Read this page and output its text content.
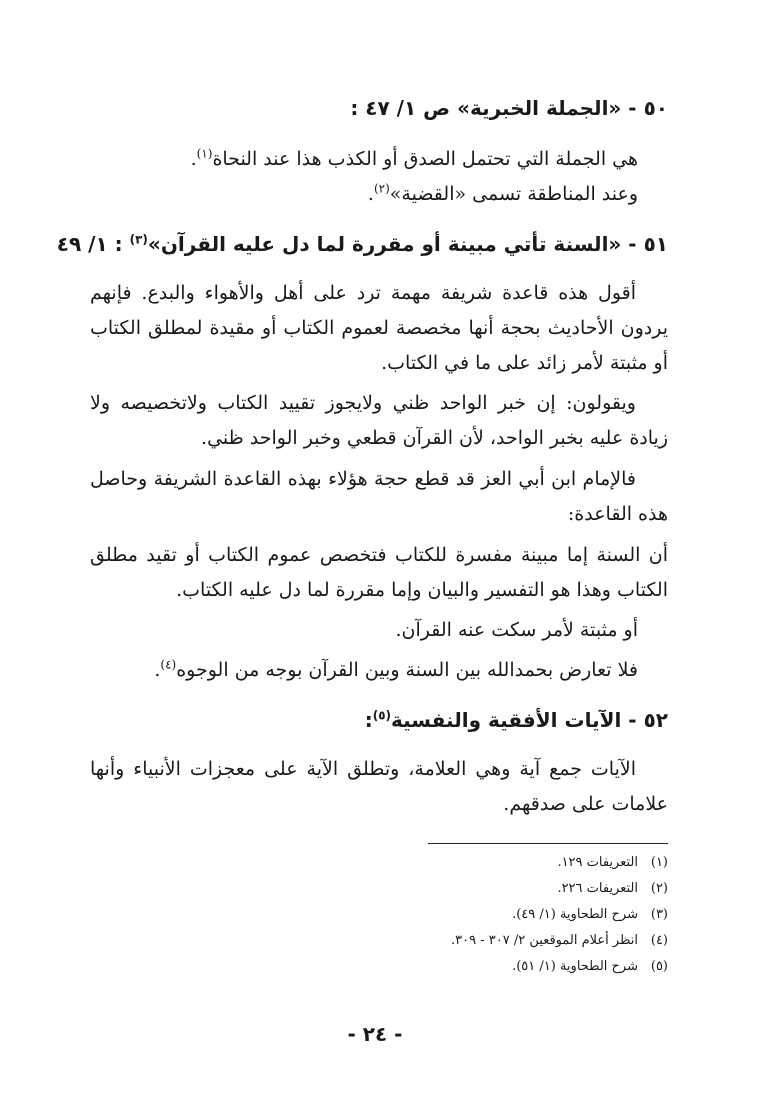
٥٠ - «الجملة الخبرية» ص ١/ ٤٧ :
هي الجملة التي تحتمل الصدق أو الكذب هذا عند النحاة$^{(١)}$.
وعند المناطقة تسمى «القضية»$^{(٢)}$.
٥١ - «السنة تأتي مبينة أو مقررة لما دل عليه القرآن»$^{(٣)}$ : ١/ ٤٩
أقول هذه قاعدة شريفة مهمة ترد على أهل والأهواء والبدع. فإنهم يردون الأحاديث بحجة أنها مخصصة لعموم الكتاب أو مقيدة لمطلق الكتاب أو مثبتة لأمر زائد على ما في الكتاب.
ويقولون: إن خبر الواحد ظني ولايجوز تقييد الكتاب ولاتخصيصه ولا زيادة عليه بخبر الواحد، لأن القرآن قطعي وخبر الواحد ظني.
فالإمام ابن أبي العز قد قطع حجة هؤلاء بهذه القاعدة الشريفة وحاصل هذه القاعدة:
أن السنة إما مبينة مفسرة للكتاب فتخصص عموم الكتاب أو تقيد مطلق الكتاب وهذا هو التفسير والبيان وإما مقررة لما دل عليه الكتاب.
أو مثبتة لأمر سكت عنه القرآن.
فلا تعارض بحمدالله بين السنة وبين القرآن بوجه من الوجوه$^{(٤)}$.
٥٢ - الآيات الأفقية والنفسية$^{(٥)}$:
الآيات جمع آية وهي العلامة، وتطلق الآية على معجزات الأنبياء وأنها علامات على صدقهم.
(١)التعريفات ١٢٩.
(٢)التعريفات ٢٢٦.
(٣)شرح الطحاوية (١/ ٤٩).
(٤)انظر أعلام الموقعين ٢/ ٣٠٧ - ٣٠٩.
(٥)شرح الطحاوية (١/ ٥١).
- ٢٤ -
